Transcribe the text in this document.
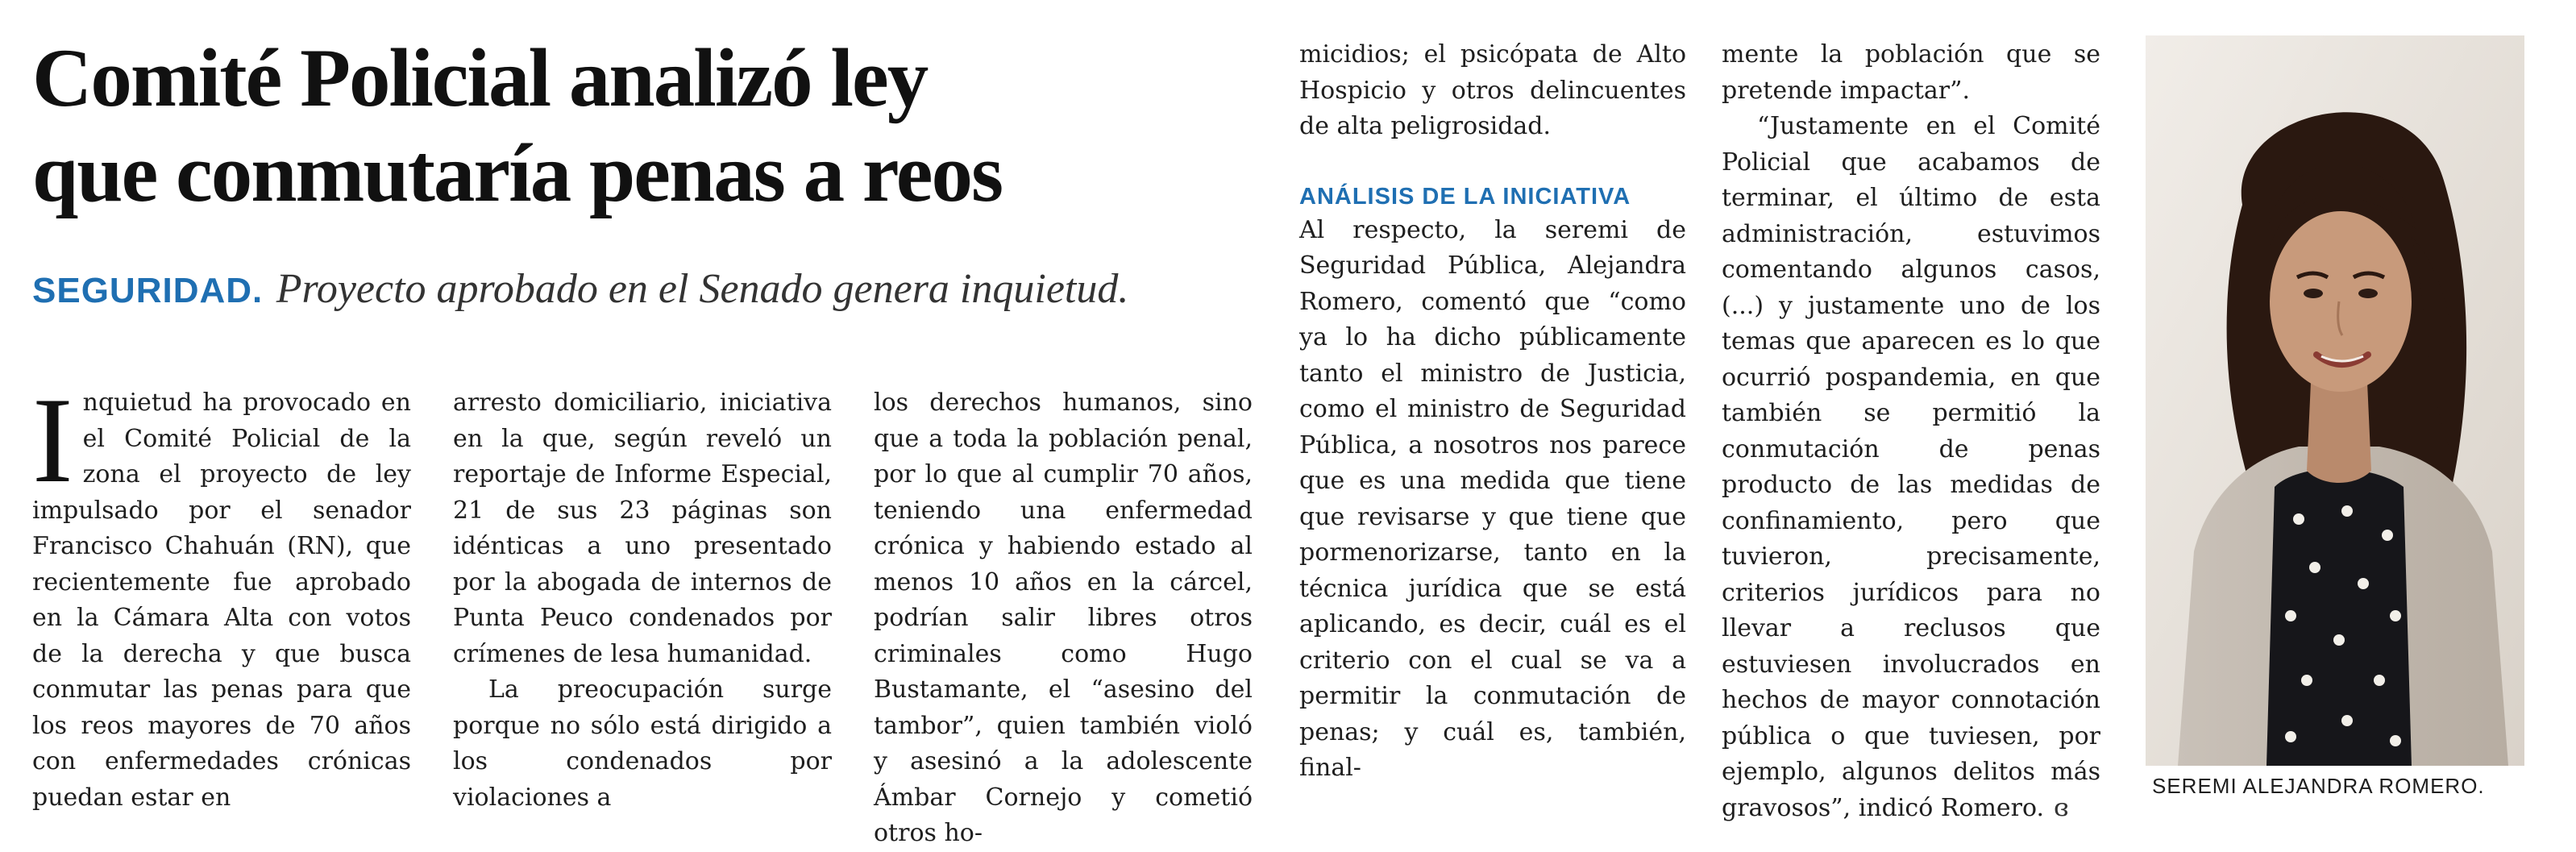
Comité Policial analizó ley
que conmutaría penas a reos
SEGURIDAD. Proyecto aprobado en el Senado genera inquietud.

I nquietud ha provocado en el Comité Policial de la zona el proyecto de ley impulsado por el senador Francisco Chahuán (RN), que recientemente fue aprobado en la Cámara Alta con votos de la derecha y que busca conmutar las penas para que los reos mayores de 70 años con enfermedades crónicas puedan estar en

arresto domiciliario, iniciativa en la que, según reveló un reportaje de Informe Especial, 21 de sus 23 páginas son idénticas a uno presentado por la abogada de internos de Punta Peuco condenados por crímenes de lesa humanidad.

La preocupación surge porque no sólo está dirigido a los condenados por violaciones a

los derechos humanos, sino que a toda la población penal, por lo que al cumplir 70 años, teniendo una enfermedad crónica y habiendo estado al menos 10 años en la cárcel, podrían salir libres otros criminales como Hugo Bustamante, el “asesino del tambor”, quien también violó y asesinó a la adolescente Ámbar Cornejo y cometió otros ho-

micidios; el psicópata de Alto Hospicio y otros delincuentes de alta peligrosidad.

ANÁLISIS DE LA INICIATIVA

Al respecto, la seremi de Seguridad Pública, Alejandra Romero, comentó que “como ya lo ha dicho públicamente tanto el ministro de Justicia, como el ministro de Seguridad Pública, a nosotros nos parece que es una medida que tiene que revisarse y que tiene que pormenorizarse, tanto en la técnica jurídica que se está aplicando, es decir, cuál es el criterio con el cual se va a permitir la conmutación de penas; y cuál es, también, final-

mente la población que se pretende impactar”.

“Justamente en el Comité Policial que acabamos de terminar, el último de esta administración, estuvimos comentando algunos casos, (...) y justamente uno de los temas que aparecen es lo que ocurrió pospandemia, en que también se permitió la conmutación de penas producto de las medidas de confinamiento, pero que tuvieron, precisamente, criterios jurídicos para no llevar a reclusos que estuviesen involucrados en hechos de mayor connotación pública o que tuviesen, por ejemplo, algunos delitos más gravosos”, indicó Romero. ɞ

SEREMI ALEJANDRA ROMERO.
